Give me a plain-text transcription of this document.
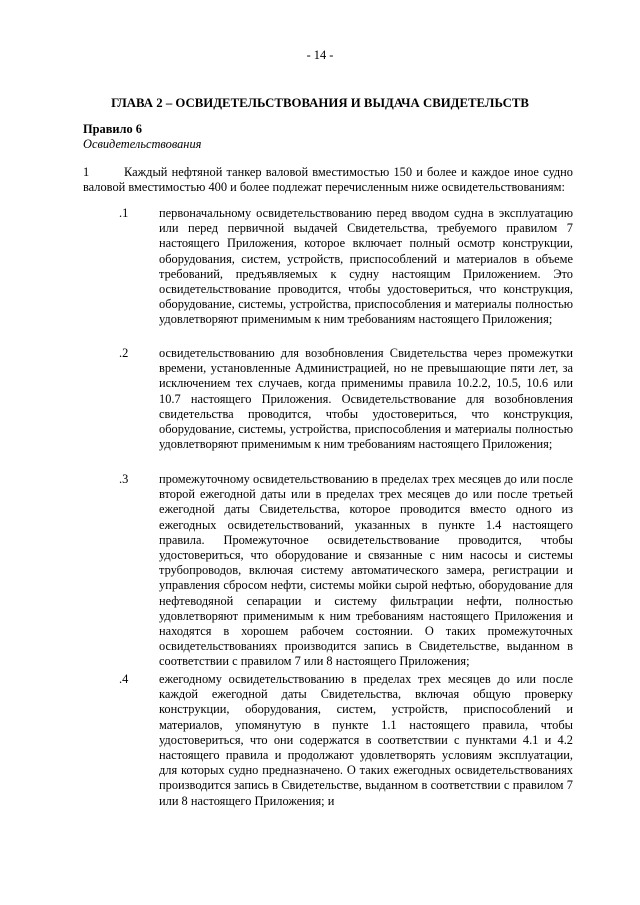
- 14 -
ГЛАВА 2 – ОСВИДЕТЕЛЬСТВОВАНИЯ И ВЫДАЧА СВИДЕТЕЛЬСТВ
Правило 6
Освидетельствования
1	Каждый нефтяной танкер валовой вместимостью 150 и более и каждое иное судно
валовой вместимостью 400 и более подлежат перечисленным ниже освидетельствованиям:
.1 первоначальному освидетельствованию перед вводом судна в эксплуатацию или перед первичной выдачей Свидетельства, требуемого правилом 7 настоящего Приложения, которое включает полный осмотр конструкции, оборудования, систем, устройств, приспособлений и материалов в объеме требований, предъявляемых к судну настоящим Приложением. Это освидетельствование проводится, чтобы удостовериться, что конструкция, оборудование, системы, устройства, приспособления и материалы полностью удовлетворяют применимым к ним требованиям настоящего Приложения;
.2 освидетельствованию для возобновления Свидетельства через промежутки времени, установленные Администрацией, но не превышающие пяти лет, за исключением тех случаев, когда применимы правила 10.2.2, 10.5, 10.6 или 10.7 настоящего Приложения. Освидетельствование для возобновления свидетельства проводится, чтобы удостовериться, что конструкция, оборудование, системы, устройства, приспособления и материалы полностью удовлетворяют применимым к ним требованиям настоящего Приложения;
.3 промежуточному освидетельствованию в пределах трех месяцев до или после второй ежегодной даты или в пределах трех месяцев до или после третьей ежегодной даты Свидетельства, которое проводится вместо одного из ежегодных освидетельствований, указанных в пункте 1.4 настоящего правила. Промежуточное освидетельствование проводится, чтобы удостовериться, что оборудование и связанные с ним насосы и системы трубопроводов, включая систему автоматического замера, регистрации и управления сбросом нефти, системы мойки сырой нефтью, оборудование для нефтеводяной сепарации и систему фильтрации нефти, полностью удовлетворяют применимым к ним требованиям настоящего Приложения и находятся в хорошем рабочем состоянии. О таких промежуточных освидетельствованиях производится запись в Свидетельстве, выданном в соответствии с правилом 7 или 8 настоящего Приложения;
.4 ежегодному освидетельствованию в пределах трех месяцев до или после каждой ежегодной даты Свидетельства, включая общую проверку конструкции, оборудования, систем, устройств, приспособлений и материалов, упомянутую в пункте 1.1 настоящего правила, чтобы удостовериться, что они содержатся в соответствии с пунктами 4.1 и 4.2 настоящего правила и продолжают удовлетворять условиям эксплуатации, для которых судно предназначено. О таких ежегодных освидетельствованиях производится запись в Свидетельстве, выданном в соответствии с правилом 7 или 8 настоящего Приложения; и
